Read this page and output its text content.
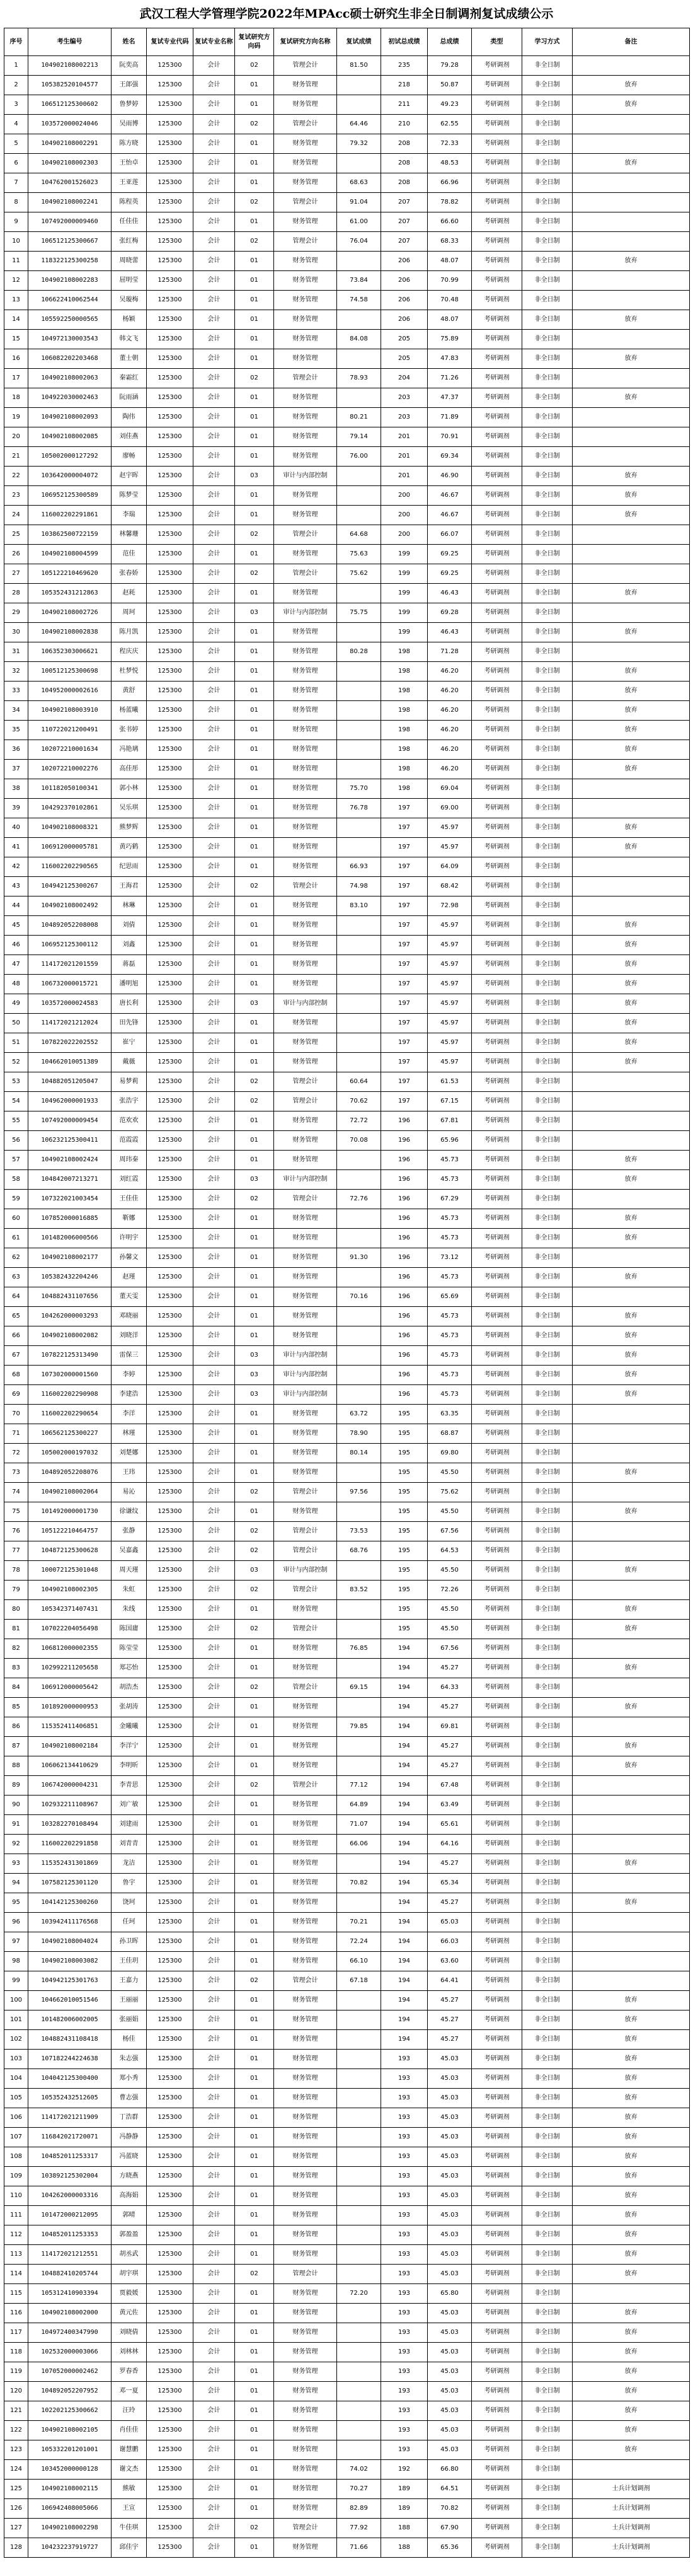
武汉工程大学管理学院2022年MPAcc硕士研究生非全日制调剂复试成绩公示
序号	考生编号	姓名	复试专业代码	复试专业名称	复试研究方向码	复试研究方向名称	复试成绩	初试总成绩	总成绩	类型	学习方式	备注
1	104902108002213	阮奕高	125300	会计	02	管理会计	81.50	235	79.28	考研调剂	非全日制	
2	105382520104577	王郎强	125300	会计	01	财务管理		218	50.87	考研调剂	非全日制	放弃
3	106512125300602	鲁梦婷	125300	会计	01	财务管理		211	49.23	考研调剂	非全日制	放弃
4	103572000024046	吴雨博	125300	会计	02	管理会计	64.46	210	62.55	考研调剂	非全日制	
5	104902108002291	陈方晓	125300	会计	01	财务管理	79.32	208	72.33	考研调剂	非全日制	
6	104902108002303	王怡卓	125300	会计	01	财务管理		208	48.53	考研调剂	非全日制	放弃
7	104762001526023	王亚莲	125300	会计	01	财务管理	68.63	208	66.96	考研调剂	非全日制	
8	104902108002241	陈程英	125300	会计	02	管理会计	91.04	207	78.82	考研调剂	非全日制	
9	107492000009460	任佳佳	125300	会计	01	财务管理	61.00	207	66.60	考研调剂	非全日制	
10	106512125300667	张红梅	125300	会计	02	管理会计	76.04	207	68.33	考研调剂	非全日制	
11	118322125300258	周晓蕾	125300	会计	01	财务管理		206	48.07	考研调剂	非全日制	放弃
12	104902108002283	屈明莹	125300	会计	01	财务管理	73.84	206	70.99	考研调剂	非全日制	
13	106622410062544	吴璇梅	125300	会计	01	财务管理	74.58	206	70.48	考研调剂	非全日制	
14	105592250000565	杨颖	125300	会计	01	财务管理		206	48.07	考研调剂	非全日制	放弃
15	104972130003543	韩文飞	125300	会计	01	财务管理	84.08	205	75.89	考研调剂	非全日制	
16	106082202203468	董士朝	125300	会计	01	财务管理		205	47.83	考研调剂	非全日制	放弃
17	104902108002063	秦霜红	125300	会计	02	管理会计	78.93	204	71.26	考研调剂	非全日制	
18	104922030002463	阮雨涵	125300	会计	01	财务管理		203	47.37	考研调剂	非全日制	放弃
19	104902108002093	陶伟	125300	会计	01	财务管理	80.21	203	71.89	考研调剂	非全日制	
20	104902108002085	刘佳燕	125300	会计	01	财务管理	79.14	201	70.91	考研调剂	非全日制	
21	105002000127292	廖畅	125300	会计	01	财务管理	76.00	201	69.34	考研调剂	非全日制	
22	103642000004072	赵宇晖	125300	会计	03	审计与内部控制		201	46.90	考研调剂	非全日制	放弃
23	106952125300589	陈梦莹	125300	会计	01	财务管理		200	46.67	考研调剂	非全日制	放弃
24	116002202291861	李瑞	125300	会计	01	财务管理		200	46.67	考研调剂	非全日制	放弃
25	103862500722159	林馨珊	125300	会计	02	管理会计	64.68	200	66.07	考研调剂	非全日制	
26	104902108004599	范佳	125300	会计	01	财务管理	75.63	199	69.25	考研调剂	非全日制	
27	105122210469620	张春娇	125300	会计	02	管理会计	75.62	199	69.25	考研调剂	非全日制	
28	105352431212863	赵耗	125300	会计	01	财务管理		199	46.43	考研调剂	非全日制	放弃
29	104902108002726	周珂	125300	会计	03	审计与内部控制	75.75	199	69.28	考研调剂	非全日制	
30	104902108002838	陈月凯	125300	会计	01	财务管理		199	46.43	考研调剂	非全日制	放弃
31	106352303006621	程庆庆	125300	会计	01	财务管理	80.28	198	71.28	考研调剂	非全日制	
32	100512125300698	杜梦悦	125300	会计	01	财务管理		198	46.20	考研调剂	非全日制	放弃
33	104952000002616	黄舒	125300	会计	01	财务管理		198	46.20	考研调剂	非全日制	放弃
34	104902108003910	杨蓝曦	125300	会计	01	财务管理		198	46.20	考研调剂	非全日制	放弃
35	110722021200491	张书婷	125300	会计	01	财务管理		198	46.20	考研调剂	非全日制	放弃
36	102072210001634	冯艳璃	125300	会计	01	财务管理		198	46.20	考研调剂	非全日制	放弃
37	102072210002276	高佳彤	125300	会计	01	财务管理		198	46.20	考研调剂	非全日制	放弃
38	101182050100341	郭小林	125300	会计	01	财务管理	75.70	198	69.04	考研调剂	非全日制	
39	104292370102861	吴乐琪	125300	会计	01	财务管理	76.78	197	69.00	考研调剂	非全日制	
40	104902108008321	熊梦辉	125300	会计	01	财务管理		197	45.97	考研调剂	非全日制	放弃
41	106912000005781	黄巧鹤	125300	会计	01	财务管理		197	45.97	考研调剂	非全日制	放弃
42	116002202290565	纪思雨	125300	会计	01	财务管理	66.93	197	64.09	考研调剂	非全日制	
43	104942125300267	王海君	125300	会计	02	管理会计	74.98	197	68.42	考研调剂	非全日制	
44	104902108002492	林琳	125300	会计	01	财务管理	83.10	197	72.98	考研调剂	非全日制	
45	104892052208008	刘倩	125300	会计	01	财务管理		197	45.97	考研调剂	非全日制	放弃
46	106952125300112	刘鑫	125300	会计	01	财务管理		197	45.97	考研调剂	非全日制	放弃
47	114172021201559	蒋磊	125300	会计	01	财务管理		197	45.97	考研调剂	非全日制	放弃
48	106732000015721	潘明旭	125300	会计	01	财务管理		197	45.97	考研调剂	非全日制	放弃
49	103572000024583	唐长利	125300	会计	03	审计与内部控制		197	45.97	考研调剂	非全日制	放弃
50	114172021212024	田先锋	125300	会计	01	财务管理		197	45.97	考研调剂	非全日制	放弃
51	107822022202552	崔宁	125300	会计	01	财务管理		197	45.97	考研调剂	非全日制	放弃
52	104662010051389	戴薇	125300	会计	01	财务管理		197	45.97	考研调剂	非全日制	放弃
53	104882051205047	易梦莉	125300	会计	02	管理会计	60.64	197	61.53	考研调剂	非全日制	
54	104962000001933	张浩宇	125300	会计	02	管理会计	70.62	197	67.15	考研调剂	非全日制	
55	107492000009454	范欢欢	125300	会计	01	财务管理	72.72	196	67.81	考研调剂	非全日制	
56	106232125300411	范霞霞	125300	会计	01	财务管理	70.08	196	65.96	考研调剂	非全日制	
57	104902108002424	周玮秦	125300	会计	01	财务管理		196	45.73	考研调剂	非全日制	放弃
58	104842007213271	刘红霞	125300	会计	03	审计与内部控制		196	45.73	考研调剂	非全日制	放弃
59	107322021003454	王佳佳	125300	会计	02	管理会计	72.76	196	67.29	考研调剂	非全日制	
60	107852000016885	靳娜	125300	会计	01	财务管理		196	45.73	考研调剂	非全日制	放弃
61	101482006000566	许明宇	125300	会计	01	财务管理		196	45.73	考研调剂	非全日制	放弃
62	104902108002177	孙馨文	125300	会计	01	财务管理	91.30	196	73.12	考研调剂	非全日制	
63	105382432204246	赵瑾	125300	会计	01	财务管理		196	45.73	考研调剂	非全日制	放弃
64	104882431107656	董天雯	125300	会计	01	财务管理	70.16	196	65.69	考研调剂	非全日制	
65	104262000003293	邓晓丽	125300	会计	01	财务管理		196	45.73	考研调剂	非全日制	放弃
66	104902108002082	刘晓洋	125300	会计	01	财务管理		196	45.73	考研调剂	非全日制	放弃
67	107822125313490	雷保三	125300	会计	03	审计与内部控制		196	45.73	考研调剂	非全日制	放弃
68	107302000001560	李婷	125300	会计	03	审计与内部控制		196	45.73	考研调剂	非全日制	放弃
69	116002202290908	李建浩	125300	会计	03	审计与内部控制		196	45.73	考研调剂	非全日制	放弃
70	116002202290654	李洋	125300	会计	01	财务管理	63.72	195	63.35	考研调剂	非全日制	
71	106562125300227	林瑾	125300	会计	01	财务管理	78.90	195	68.87	考研调剂	非全日制	
72	105002000197032	刘楚娜	125300	会计	01	财务管理	80.14	195	69.80	考研调剂	非全日制	
73	104892052208076	王玮	125300	会计	01	财务管理		195	45.50	考研调剂	非全日制	放弃
74	104902108002064	易沁	125300	会计	02	管理会计	97.56	195	75.62	考研调剂	非全日制	
75	101492000001730	徐谦纹	125300	会计	01	财务管理		195	45.50	考研调剂	非全日制	放弃
76	105122210464757	张静	125300	会计	02	管理会计	73.53	195	67.56	考研调剂	非全日制	
77	104872125300628	吴嘉鑫	125300	会计	02	管理会计	68.76	195	64.53	考研调剂	非全日制	
78	100072125301048	周天瑾	125300	会计	03	审计与内部控制		195	45.50	考研调剂	非全日制	放弃
79	104902108002305	朱虹	125300	会计	02	管理会计	83.52	195	72.26	考研调剂	非全日制	
80	105342371407431	朱线	125300	会计	01	财务管理		195	45.50	考研调剂	非全日制	放弃
81	107022204056498	陈国庸	125300	会计	02	管理会计		195	45.50	考研调剂	非全日制	放弃
82	106812000002355	陈莹莹	125300	会计	01	财务管理	76.85	194	67.56	考研调剂	非全日制	
83	102992211205658	郑芯怡	125300	会计	01	财务管理		194	45.27	考研调剂	非全日制	放弃
84	106912000005642	胡浩杰	125300	会计	02	管理会计	69.15	194	64.33	考研调剂	非全日制	
85	101892000000953	张胡涛	125300	会计	01	财务管理		194	45.27	考研调剂	非全日制	放弃
86	115352411406851	金曦曦	125300	会计	01	财务管理	79.85	194	69.81	考研调剂	非全日制	
87	104902108002184	李洋宁	125300	会计	01	财务管理		194	45.27	考研调剂	非全日制	放弃
88	106062134410629	李明昕	125300	会计	01	财务管理		194	45.27	考研调剂	非全日制	放弃
89	106742000004231	李青思	125300	会计	02	管理会计	77.12	194	67.48	考研调剂	非全日制	
90	102932211108967	刘广敏	125300	会计	01	财务管理	64.89	194	63.49	考研调剂	非全日制	
91	103282270108494	刘建雨	125300	会计	01	财务管理	71.07	194	65.61	考研调剂	非全日制	
92	116002202291858	刘青青	125300	会计	01	财务管理	66.06	194	64.16	考研调剂	非全日制	
93	115352431301869	龙洁	125300	会计	01	财务管理		194	45.27	考研调剂	非全日制	放弃
94	107582125301120	鲁宇	125300	会计	01	财务管理	70.82	194	65.34	考研调剂	非全日制	
95	104142125300260	饶珂	125300	会计	01	财务管理		194	45.27	考研调剂	非全日制	放弃
96	103942411176568	任珂	125300	会计	01	财务管理	70.21	194	65.03	考研调剂	非全日制	
97	104902108004024	孙卫晖	125300	会计	01	财务管理	72.24	194	66.03	考研调剂	非全日制	
98	104902108003082	王佳玥	125300	会计	01	财务管理	66.10	194	63.60	考研调剂	非全日制	
99	104942125301763	王嘉力	125300	会计	02	管理会计	67.18	194	64.41	考研调剂	非全日制	
100	104662010051546	王丽丽	125300	会计	01	财务管理		194	45.27	考研调剂	非全日制	放弃
101	101482006002005	张丽娟	125300	会计	01	财务管理		194	45.27	考研调剂	非全日制	放弃
102	104882431108418	杨佳	125300	会计	01	财务管理		194	45.27	考研调剂	非全日制	放弃
103	107182244224638	朱志强	125300	会计	01	财务管理		193	45.03	考研调剂	非全日制	放弃
104	104042125300400	郑小秀	125300	会计	01	财务管理		193	45.03	考研调剂	非全日制	放弃
105	105352432512605	曹志强	125300	会计	01	财务管理		193	45.03	考研调剂	非全日制	放弃
106	114172021211909	丁浩群	125300	会计	01	财务管理		193	45.03	考研调剂	非全日制	放弃
107	116842021720071	冯静静	125300	会计	01	财务管理		193	45.03	考研调剂	非全日制	放弃
108	104852011253317	冯蓝晓	125300	会计	01	财务管理		193	45.03	考研调剂	非全日制	放弃
109	103892125302004	方晓燕	125300	会计	01	财务管理		193	45.03	考研调剂	非全日制	放弃
110	104262000003316	高海娟	125300	会计	01	财务管理		193	45.03	考研调剂	非全日制	放弃
111	101472000212095	郭晴	125300	会计	01	财务管理		193	45.03	考研调剂	非全日制	放弃
112	104852011253353	郭盈盈	125300	会计	01	财务管理		193	45.03	考研调剂	非全日制	放弃
113	114172021212551	胡丞武	125300	会计	01	财务管理		193	45.03	考研调剂	非全日制	放弃
114	104882410205744	胡宇琪	125300	会计	02	管理会计		193	45.03	考研调剂	非全日制	放弃
115	105312410903394	贾毅媛	125300	会计	01	财务管理	72.20	193	65.80	考研调剂	非全日制	
116	104902108002000	黄元佐	125300	会计	01	财务管理		193	45.03	考研调剂	非全日制	放弃
117	104972400347990	刘晓倩	125300	会计	01	财务管理		193	45.03	考研调剂	非全日制	放弃
118	102532000003066	刘林林	125300	会计	01	财务管理		193	45.03	考研调剂	非全日制	放弃
119	107052000002462	罗春香	125300	会计	01	财务管理		193	45.03	考研调剂	非全日制	放弃
120	104892052207952	邓一夏	125300	会计	01	财务管理		193	45.03	考研调剂	非全日制	放弃
121	102202125300662	汪玲	125300	会计	01	财务管理		193	45.03	考研调剂	非全日制	放弃
122	104902108002105	肖佳佳	125300	会计	01	财务管理		193	45.03	考研调剂	非全日制	放弃
123	105332201201001	谢慧鹏	125300	会计	01	财务管理		193	45.03	考研调剂	非全日制	放弃
124	103452000000128	谢文杰	125300	会计	01	财务管理	74.02	192	66.80	考研调剂	非全日制	
125	104902108002115	熊敏	125300	会计	01	财务管理	70.27	189	64.51	考研调剂	非全日制	士兵计划调剂
126	106942408005066	王宣	125300	会计	01	财务管理	82.89	189	70.82	考研调剂	非全日制	士兵计划调剂
127	104902108002298	牛佳琪	125300	会计	02	管理会计	77.92	188	67.90	考研调剂	非全日制	士兵计划调剂
128	104232237919727	邱佳宇	125300	会计	01	财务管理	71.66	188	65.36	考研调剂	非全日制	士兵计划调剂
